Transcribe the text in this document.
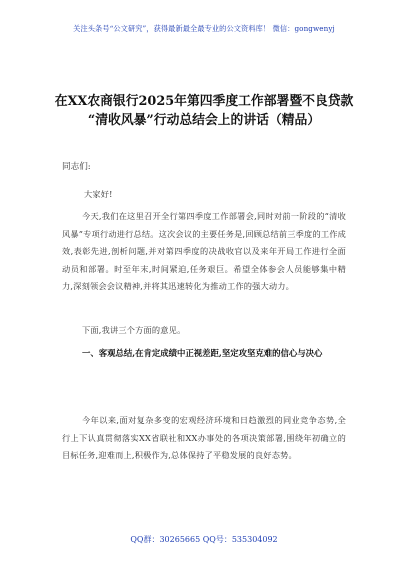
关注头条号“公文研究”，获得最新最全最专业的公文资料库！ 微信：gongwenyj
在XX农商银行2025年第四季度工作部署暨不良贷款
“清收风暴”行动总结会上的讲话（精品）
同志们:
大家好!
今天,我们在这里召开全行第四季度工作部署会,同时对前一阶段的“清收风暴”专项行动进行总结。这次会议的主要任务是,回顾总结前三季度的工作成效,表彰先进,剖析问题,并对第四季度的决战收官以及来年开局工作进行全面动员和部署。时至年末,时间紧迫,任务艰巨。希望全体参会人员能够集中精力,深刻领会会议精神,并将其迅速转化为推动工作的强大动力。
下面,我讲三个方面的意见。
一、客观总结,在肯定成绩中正视差距,坚定攻坚克难的信心与决心
今年以来,面对复杂多变的宏观经济环境和日趋激烈的同业竞争态势,全行上下认真贯彻落实XX省联社和XX办事处的各项决策部署,围绕年初确立的目标任务,迎难而上,积极作为,总体保持了平稳发展的良好态势。
QQ群：30265665 QQ号：535304092
